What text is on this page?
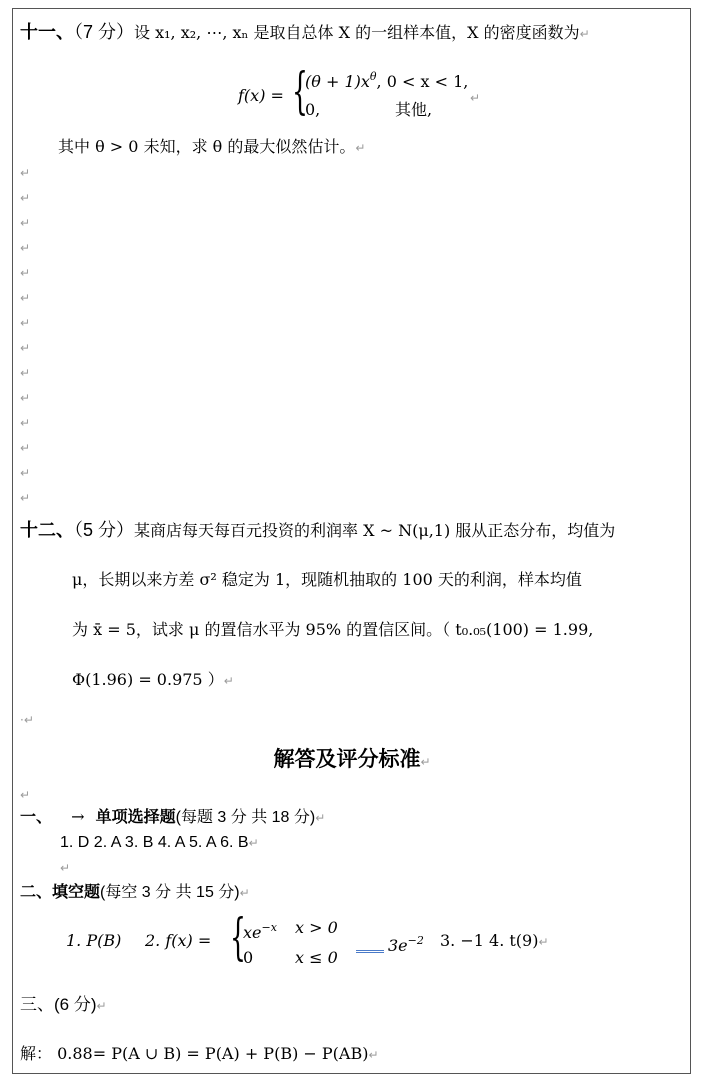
十一、（7 分）设 x₁, x₂, ⋯, xₙ 是取自总体 X 的一组样本值，X 的密度函数为↵
f(x) = {
$(\theta + 1)x^\theta$, 0 < x < 1,
0,	其他,
↵
其中 θ > 0 未知，求 θ 的最大似然估计。↵
↵
↵
↵
↵
↵
↵
↵
↵
↵
↵
↵
↵
↵
↵
十二、（5 分）某商店每天每百元投资的利润率 X ~ N(μ,1) 服从正态分布，均值为
μ，长期以来方差 σ² 稳定为 1，现随机抽取的 100 天的利润，样本均值
为 x̄ = 5，试求 μ 的置信水平为 95% 的置信区间。（ t₀.₀₅(100) = 1.99,
Φ(1.96) = 0.975 ）↵
·↵
解答及评分标准↵
↵
一、 → 单项选择题(每题 3 分 共 18 分)↵
1. D 2. A 3. B 4. A 5. A 6. B↵
↵
二、填空题(每空 3 分 共 15 分)↵
1. P(B) 2. f(x) = {
$xe^{-x}$ x > 0
0	x ≤ 0
$3e^{-2}$ 3. −1 4. t(9)↵
三、(6 分)↵
解： 0.88= P(A ∪ B) = P(A) + P(B) − P(AB)↵
